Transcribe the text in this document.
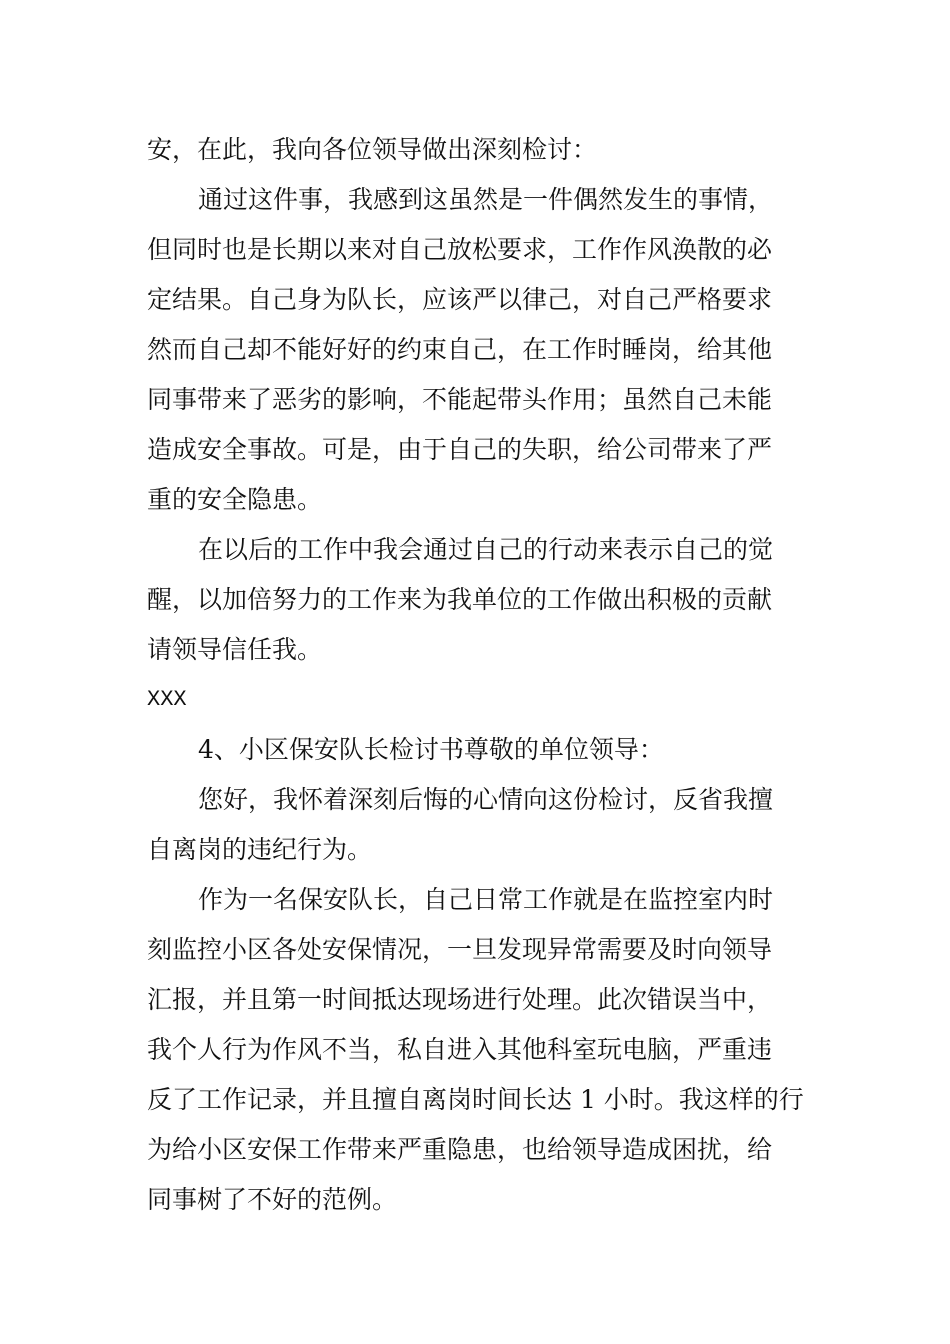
安，在此，我向各位领导做出深刻检讨：
通过这件事，我感到这虽然是一件偶然发生的事情，
但同时也是长期以来对自己放松要求，工作作风涣散的必
定结果。自己身为队长，应该严以律己，对自己严格要求
然而自己却不能好好的约束自己，在工作时睡岗，给其他
同事带来了恶劣的影响，不能起带头作用；虽然自己未能
造成安全事故。可是，由于自己的失职，给公司带来了严
重的安全隐患。
在以后的工作中我会通过自己的行动来表示自己的觉
醒，以加倍努力的工作来为我单位的工作做出积极的贡献
请领导信任我。
XXX
4、小区保安队长检讨书尊敬的单位领导：
您好，我怀着深刻后悔的心情向这份检讨，反省我擅
自离岗的违纪行为。
作为一名保安队长，自己日常工作就是在监控室内时
刻监控小区各处安保情况，一旦发现异常需要及时向领导
汇报，并且第一时间抵达现场进行处理。此次错误当中，
我个人行为作风不当，私自进入其他科室玩电脑，严重违
反了工作记录，并且擅自离岗时间长达 1 小时。我这样的行
为给小区安保工作带来严重隐患，也给领导造成困扰，给
同事树了不好的范例。
